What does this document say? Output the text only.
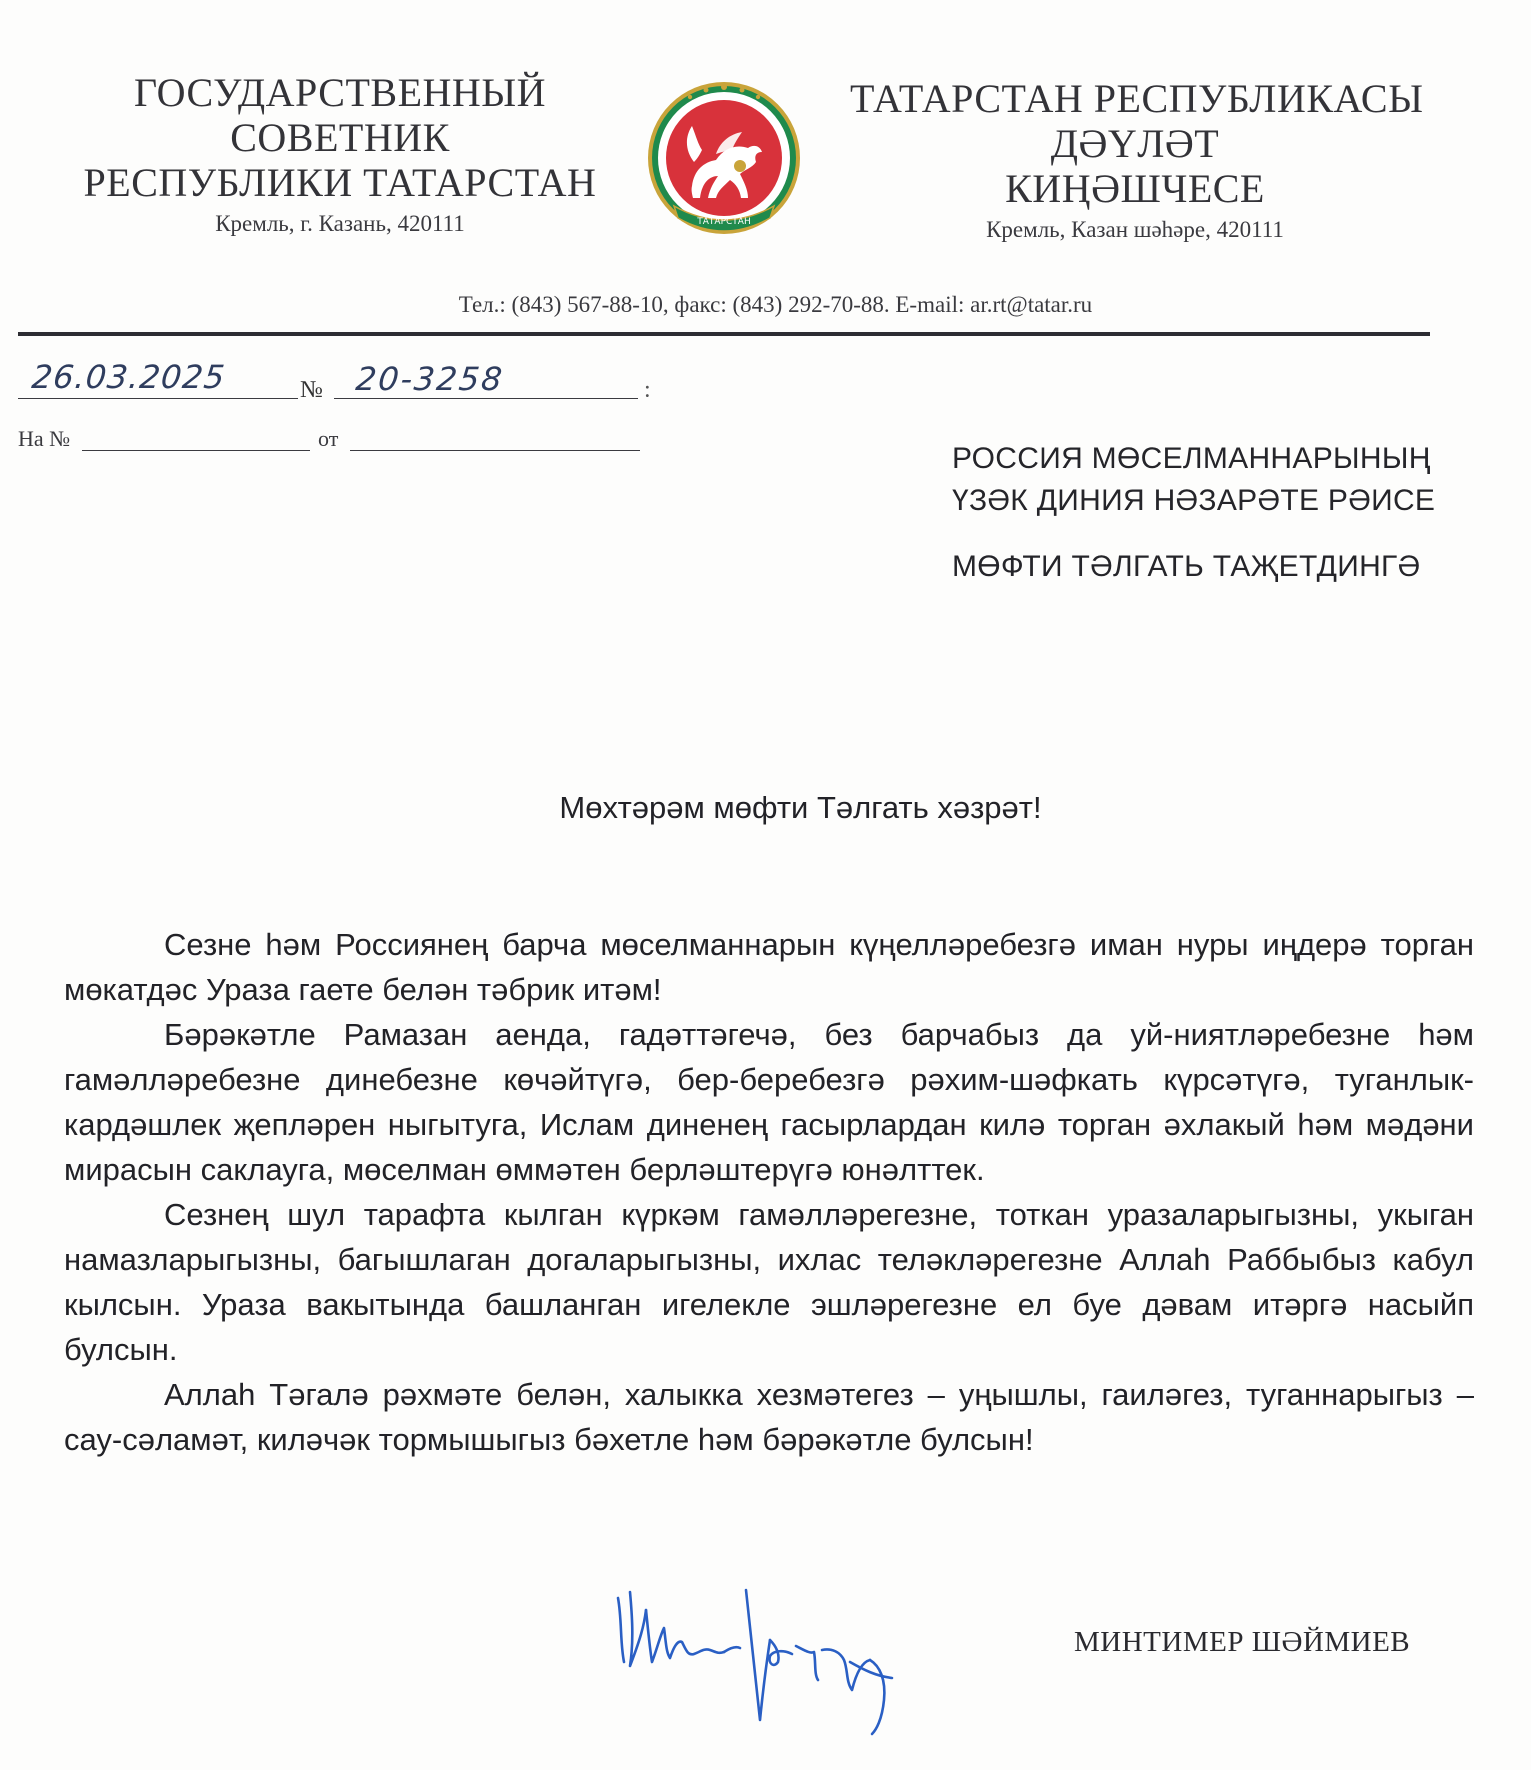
ГОСУДАРСТВЕННЫЙ
СОВЕТНИК
РЕСПУБЛИКИ ТАТАРСТАН
Кремль, г. Казань, 420111	ТАТАРСТАН
ТАТАРСТАН РЕСПУБЛИКАСЫ
ДӘҮЛӘТ
КИҢӘШЧЕСЕ
Кремль, Казан шәһәре, 420111
Тел.: (843) 567-88-10, факс: (843) 292-70-88. E-mail: ar.rt@tatar.ru
26.03.2025	№ 20-3258	:
На №	от
РОССИЯ МӨСЕЛМАННАРЫНЫҢ
ҮЗӘК ДИНИЯ НӘЗАРӘТЕ РӘИСЕ
МӨФТИ ТӘЛГАТЬ ТАҖЕТДИНГӘ
Мөхтәрәм мөфти Тәлгать хәзрәт!

Сезне һәм Россиянең барча мөселманнарын күңелләребезгә иман нуры иңдерә торган мөкатдәс Ураза гаете белән тәбрик итәм!

Бәрәкәтле Рамазан аенда, гадәттәгечә, без барчабыз да уй-ниятләребезне һәм гамәлләребезне динебезне көчәйтүгә, бер-беребезгә рәхим-шәфкать күрсәтүгә, туганлык-кардәшлек җепләрен ныгытуга, Ислам диненең гасырлардан килә торган әхлакый һәм мәдәни мирасын саклауга, мөселман өммәтен берләштерүгә юнәлттек.

Сезнең шул тарафта кылган күркәм гамәлләрегезне, тоткан уразаларыгызны, укыган намазларыгызны, багышлаган догаларыгызны, ихлас теләкләрегезне Аллаһ Раббыбыз кабул кылсын. Ураза вакытында башланган игелекле эшләрегезне ел буе дәвам итәргә насыйп булсын.

Аллаһ Тәгалә рәхмәте белән, халыкка хезмәтегез – уңышлы, гаиләгез, туганнарыгыз – сау-сәламәт, киләчәк тормышыгыз бәхетле һәм бәрәкәтле булсын!

МИНТИМЕР ШӘЙМИЕВ
